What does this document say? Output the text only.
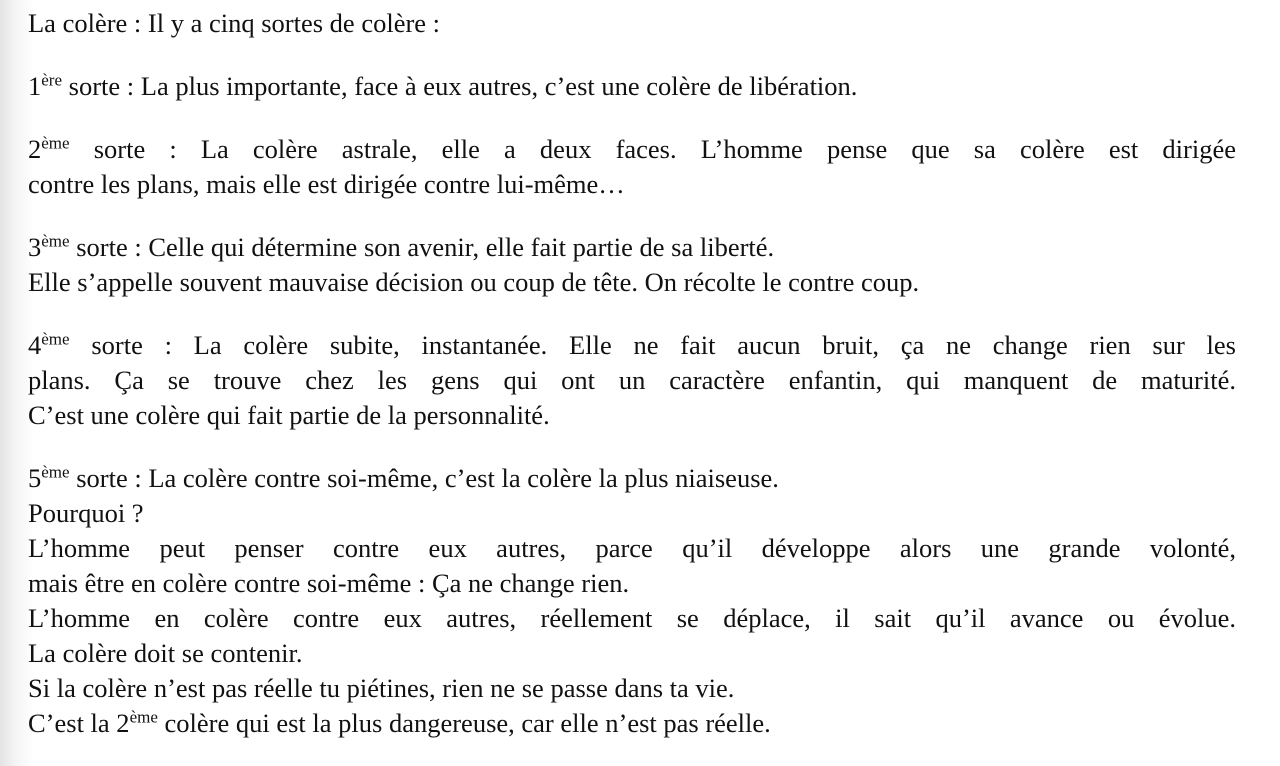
La colère : Il y a cinq sortes de colère :

1ère sorte : La plus importante, face à eux autres, c’est une colère de libération.

2ème sorte : La colère astrale, elle a deux faces. L’homme pense que sa colère est dirigée
contre les plans, mais elle est dirigée contre lui-même…

3ème sorte : Celle qui détermine son avenir, elle fait partie de sa liberté.
Elle s’appelle souvent mauvaise décision ou coup de tête. On récolte le contre coup.

4ème sorte : La colère subite, instantanée. Elle ne fait aucun bruit, ça ne change rien sur les
plans. Ça se trouve chez les gens qui ont un caractère enfantin, qui manquent de maturité.
C’est une colère qui fait partie de la personnalité.

5ème sorte : La colère contre soi-même, c’est la colère la plus niaiseuse.
Pourquoi ?
L’homme peut penser contre eux autres, parce qu’il développe alors une grande volonté,
mais être en colère contre soi-même : Ça ne change rien.
L’homme en colère contre eux autres, réellement se déplace, il sait qu’il avance ou évolue.
La colère doit se contenir.
Si la colère n’est pas réelle tu piétines, rien ne se passe dans ta vie.
C’est la 2ème colère qui est la plus dangereuse, car elle n’est pas réelle.
